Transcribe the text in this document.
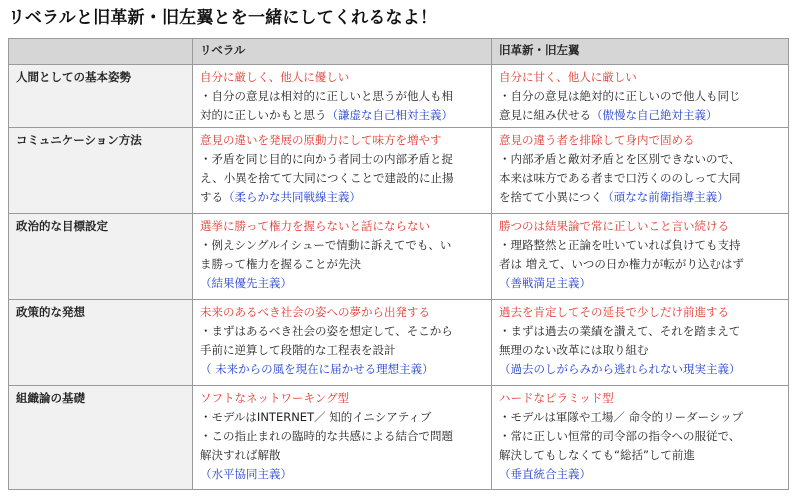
リベラルと旧革新・旧左翼とを一緒にしてくれるなよ！
	リベラル	旧革新・旧左翼
人間としての基本姿勢	自分に厳しく、他人に優しい
・自分の意見は相対的に正しいと思うが他人も相
対的に正しいかもと思う（謙虚な自己相対主義）	自分に甘く、他人に厳しい
・自分の意見は絶対的に正しいので他人も同じ
意見に組み伏せる（傲慢な自己絶対主義）

コミュニケーション方法	意見の違いを発展の原動力にして味方を増やす
・矛盾を同じ目的に向かう者同士の内部矛盾と捉
え、小異を捨てて大同につくことで建設的に止揚
する（柔らかな共同戦線主義）	意見の違う者を排除して身内で固める
・内部矛盾と敵対矛盾とを区別できないので、
本来は味方である者まで口汚くののしって大同
を捨てて小異につく（頑なな前衛指導主義）

政治的な目標設定	選挙に勝って権力を握らないと話にならない
・例えシングルイシューで情動に訴えてでも、い
ま勝って権力を握ることが先決
（結果優先主義）	勝つのは結果論で常に正しいこと言い続ける
・理路整然と正論を吐いていれば負けても支持
者は 増えて、いつの日か権力が転がり込むはず
（善戦満足主義）

政策的な発想	未来のあるべき社会の姿への夢から出発する
・まずはあるべき社会の姿を想定して、そこから
手前に逆算して段階的な工程表を設計
（ 未来からの風を現在に届かせる理想主義）	過去を肯定してその延長で少しだけ前進する
・まずは過去の業績を讃えて、それを踏まえて
無理のない改革には取り組む
（過去のしがらみから逃れられない現実主義）

組織論の基礎	ソフトなネットワーキング型
・モデルはINTERNET／ 知的イニシアティブ
・この指止まれの臨時的な共感による結合で問題
解決すれば解散
（水平協同主義）	ハードなピラミッド型
・モデルは軍隊や工場／ 命令的リーダーシップ
・常に正しい恒常的司令部の指令への服従で、
解決してもしなくても“総括”して前進
（垂直統合主義）
